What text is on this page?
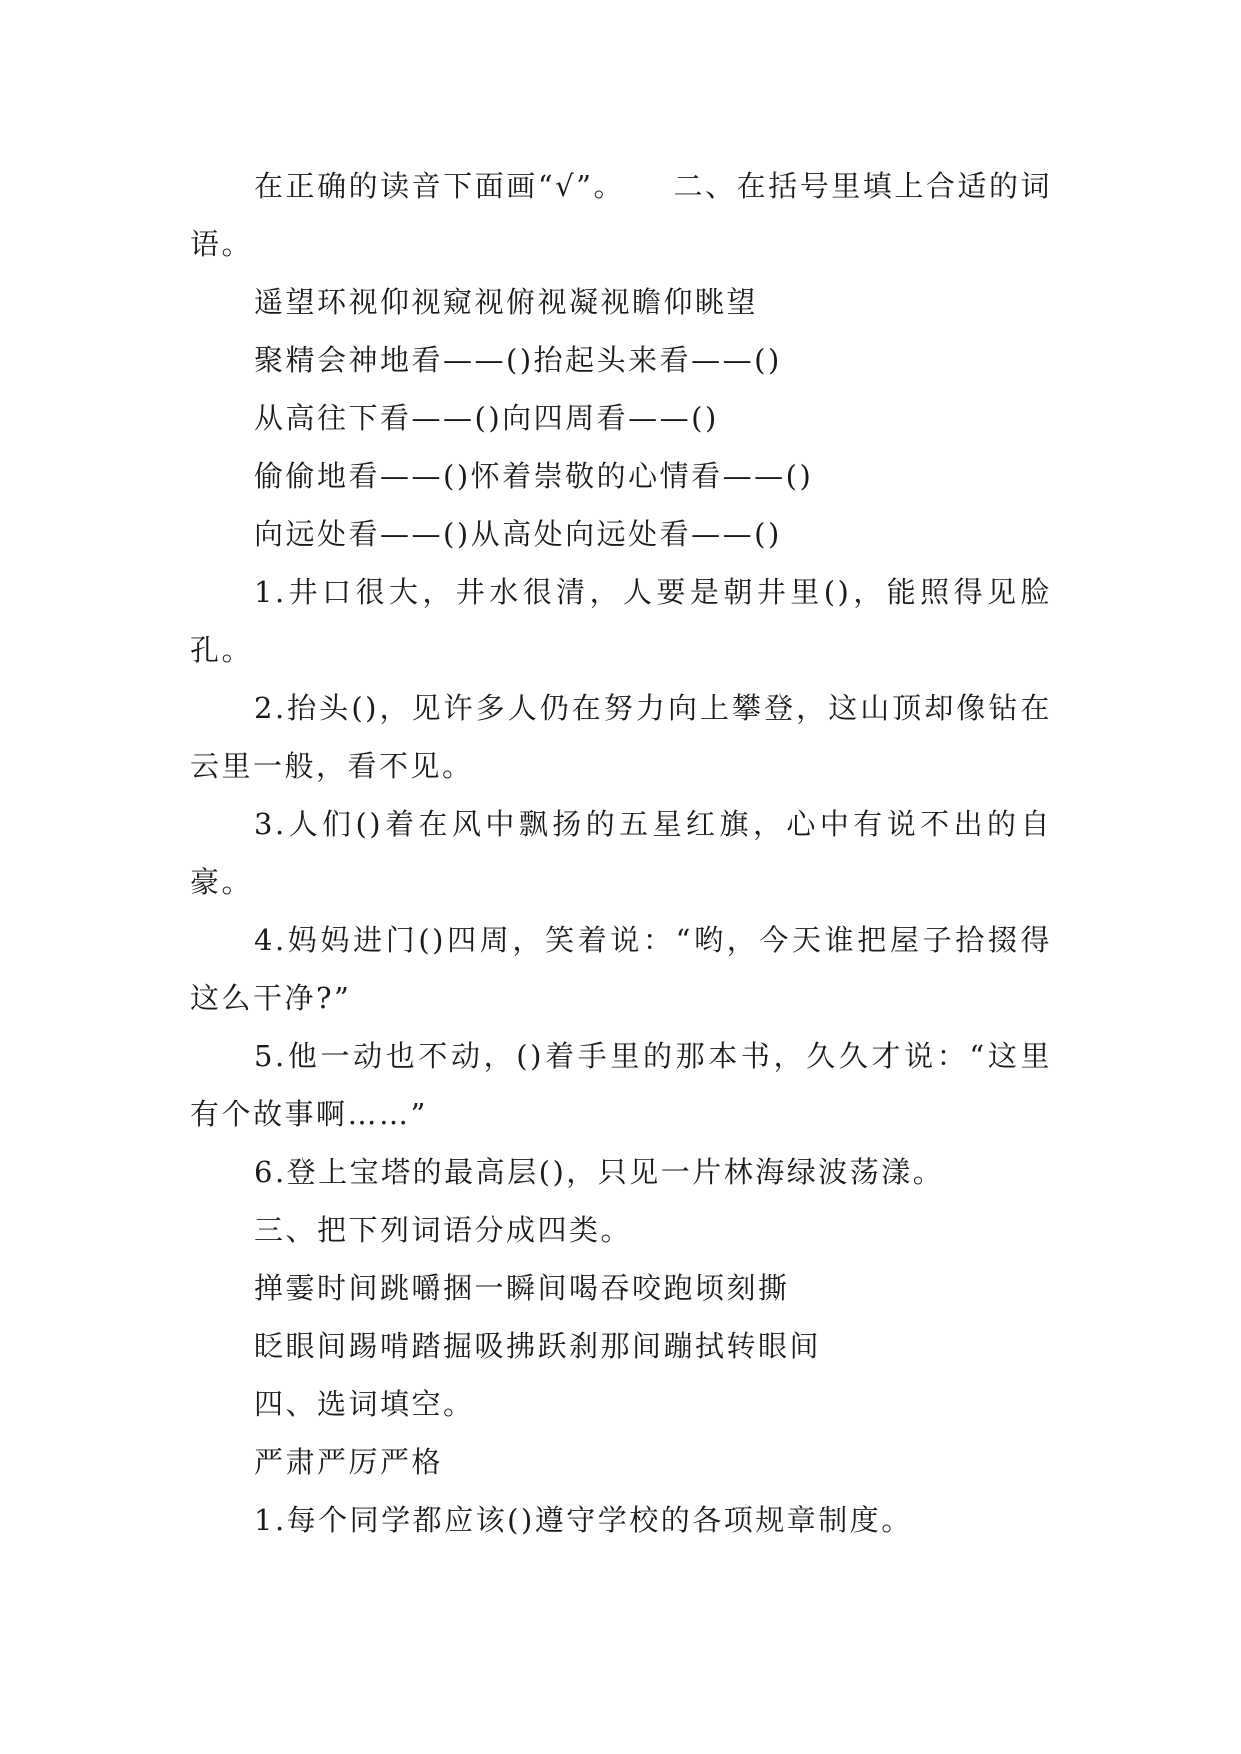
在正确的读音下面画“√”。　　二、在括号里填上合适的词语。

遥望环视仰视窥视俯视凝视瞻仰眺望

聚精会神地看——()抬起头来看——()

从高往下看——()向四周看——()

偷偷地看——()怀着崇敬的心情看——()

向远处看——()从高处向远处看——()

1.井口很大，井水很清，人要是朝井里()，能照得见脸孔。

2.抬头()，见许多人仍在努力向上攀登，这山顶却像钻在云里一般，看不见。

3.人们()着在风中飘扬的五星红旗，心中有说不出的自豪。

4.妈妈进门()四周，笑着说：“哟，今天谁把屋子拾掇得这么干净?”

5.他一动也不动，()着手里的那本书，久久才说：“这里有个故事啊……”

6.登上宝塔的最高层()，只见一片林海绿波荡漾。

三、把下列词语分成四类。

掸霎时间跳嚼捆一瞬间喝吞咬跑顷刻撕

眨眼间踢啃踏掘吸拂跃刹那间蹦拭转眼间

四、选词填空。

严肃严厉严格

1.每个同学都应该()遵守学校的各项规章制度。
